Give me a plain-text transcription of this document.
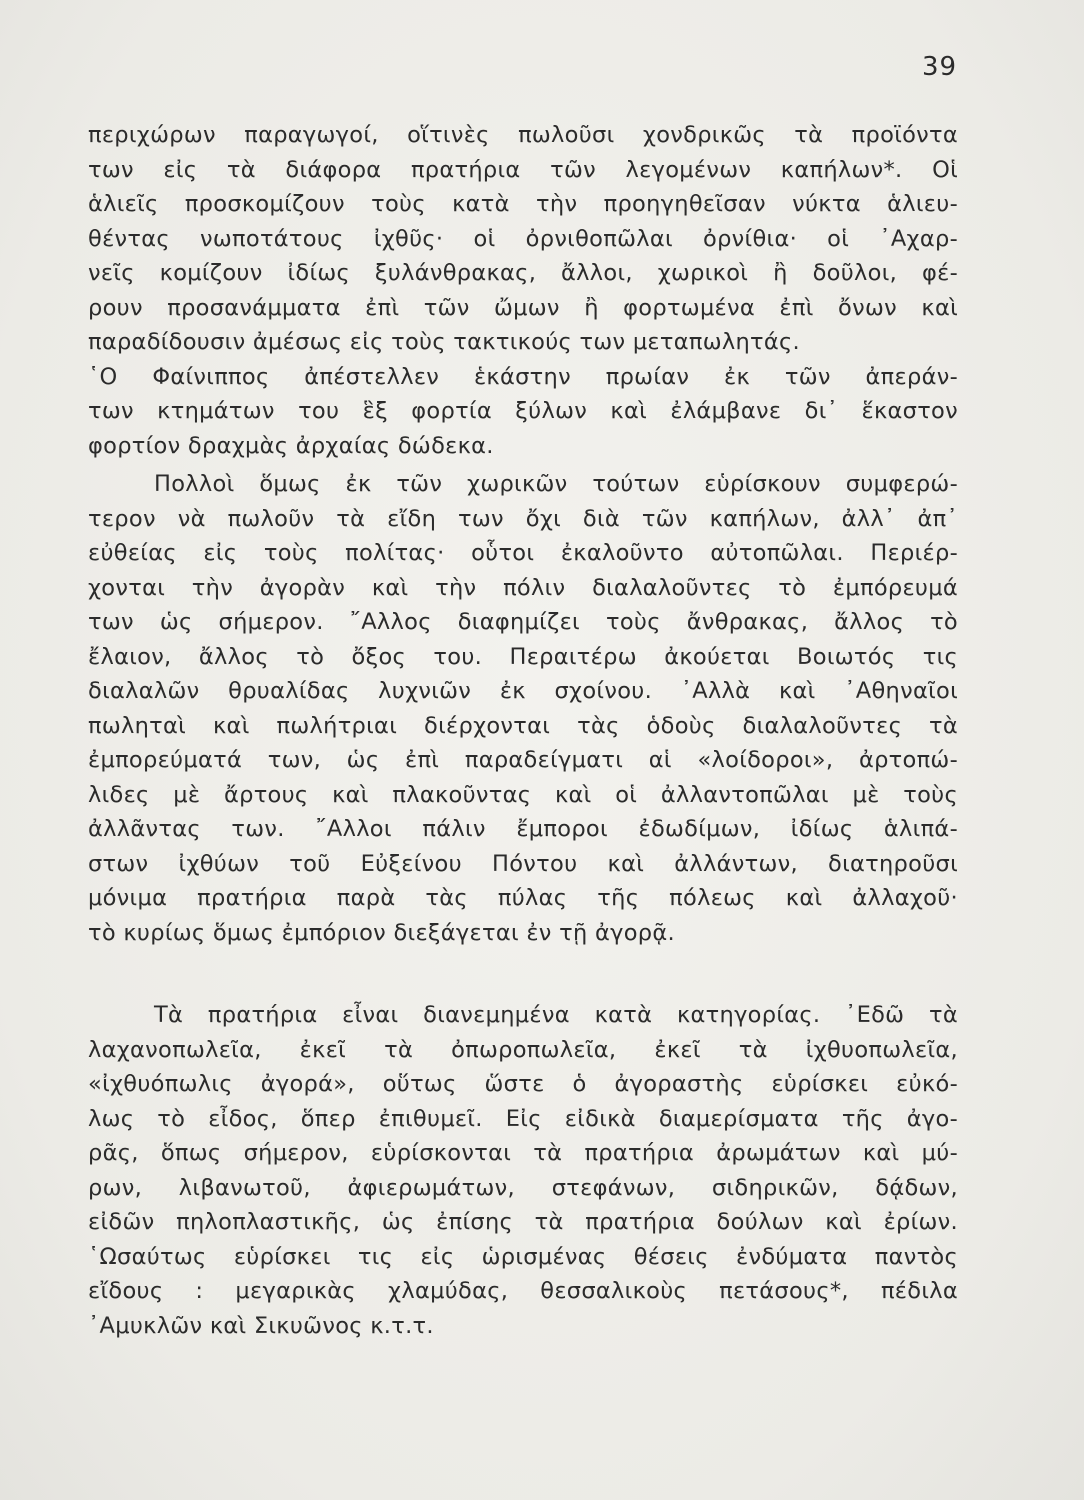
39
περιχώρων παραγωγοί, οἵτινὲς πωλοῦσι χονδρικῶς τὰ προϊόντα
των εἰς τὰ διάφορα πρατήρια τῶν λεγομένων καπήλων*. Οἱ
ἁλιεῖς προσκομίζουν τοὺς κατὰ τὴν προηγηθεῖσαν νύκτα ἁλιευ-
θέντας νωποτάτους ἰχθῦς· οἱ ὀρνιθοπῶλαι ὀρνίθια· οἱ ᾿Αχαρ-
νεῖς κομίζουν ἰδίως ξυλάνθρακας, ἄλλοι, χωρικοὶ ἢ δοῦλοι, φέ-
ρουν προσανάμματα ἐπὶ τῶν ὤμων ἢ φορτωμένα ἐπὶ ὄνων καὶ
παραδίδουσιν ἀμέσως εἰς τοὺς τακτικούς των μεταπωλητάς.
῾Ο Φαίνιππος ἀπέστελλεν ἑκάστην πρωίαν ἐκ τῶν ἀπεράν-
των κτημάτων του ἓξ φορτία ξύλων καὶ ἐλάμβανε δι᾿ ἕκαστον
φορτίον δραχμὰς ἀρχαίας δώδεκα.
Πολλοὶ ὅμως ἐκ τῶν χωρικῶν τούτων εὑρίσκουν συμφερώ-
τερον νὰ πωλοῦν τὰ εἴδη των ὄχι διὰ τῶν καπήλων, ἀλλ᾿ ἀπ᾿
εὐθείας εἰς τοὺς πολίτας· οὗτοι ἐκαλοῦντο αὐτοπῶλαι. Περιέρ-
χονται τὴν ἀγορὰν καὶ τὴν πόλιν διαλαλοῦντες τὸ ἐμπόρευμά
των ὡς σήμερον. ῎Αλλος διαφημίζει τοὺς ἄνθρακας, ἄλλος τὸ
ἔλαιον, ἄλλος τὸ ὄξος του. Περαιτέρω ἀκούεται Βοιωτός τις
διαλαλῶν θρυαλίδας λυχνιῶν ἐκ σχοίνου. ᾿Αλλὰ καὶ ᾿Αθηναῖοι
πωληταὶ καὶ πωλήτριαι διέρχονται τὰς ὁδοὺς διαλαλοῦντες τὰ
ἐμπορεύματά των, ὡς ἐπὶ παραδείγματι αἱ «λοίδοροι», ἀρτοπώ-
λιδες μὲ ἄρτους καὶ πλακοῦντας καὶ οἱ ἀλλαντοπῶλαι μὲ τοὺς
ἀλλᾶντας των. ῎Αλλοι πάλιν ἔμποροι ἐδωδίμων, ἰδίως ἁλιπά-
στων ἰχθύων τοῦ Εὐξείνου Πόντου καὶ ἀλλάντων, διατηροῦσι
μόνιμα πρατήρια παρὰ τὰς πύλας τῆς πόλεως καὶ ἀλλαχοῦ·
τὸ κυρίως ὅμως ἐμπόριον διεξάγεται ἐν τῇ ἀγορᾷ.
Τὰ πρατήρια εἶναι διανεμημένα κατὰ κατηγορίας. ᾿Εδῶ τὰ
λαχανοπωλεῖα, ἐκεῖ τὰ ὀπωροπωλεῖα, ἐκεῖ τὰ ἰχθυοπωλεῖα,
«ἰχθυόπωλις ἀγορά», οὕτως ὥστε ὁ ἀγοραστὴς εὑρίσκει εὐκό-
λως τὸ εἶδος, ὅπερ ἐπιθυμεῖ. Εἰς εἰδικὰ διαμερίσματα τῆς ἀγο-
ρᾶς, ὅπως σήμερον, εὑρίσκονται τὰ πρατήρια ἀρωμάτων καὶ μύ-
ρων, λιβανωτοῦ, ἀφιερωμάτων, στεφάνων, σιδηρικῶν, δᾴδων,
εἰδῶν πηλοπλαστικῆς, ὡς ἐπίσης τὰ πρατήρια δούλων καὶ ἐρίων.
῾Ωσαύτως εὑρίσκει τις εἰς ὡρισμένας θέσεις ἐνδύματα παντὸς
εἴδους : μεγαρικὰς χλαμύδας, θεσσαλικοὺς πετάσους*, πέδιλα
᾿Αμυκλῶν καὶ Σικυῶνος κ.τ.τ.
